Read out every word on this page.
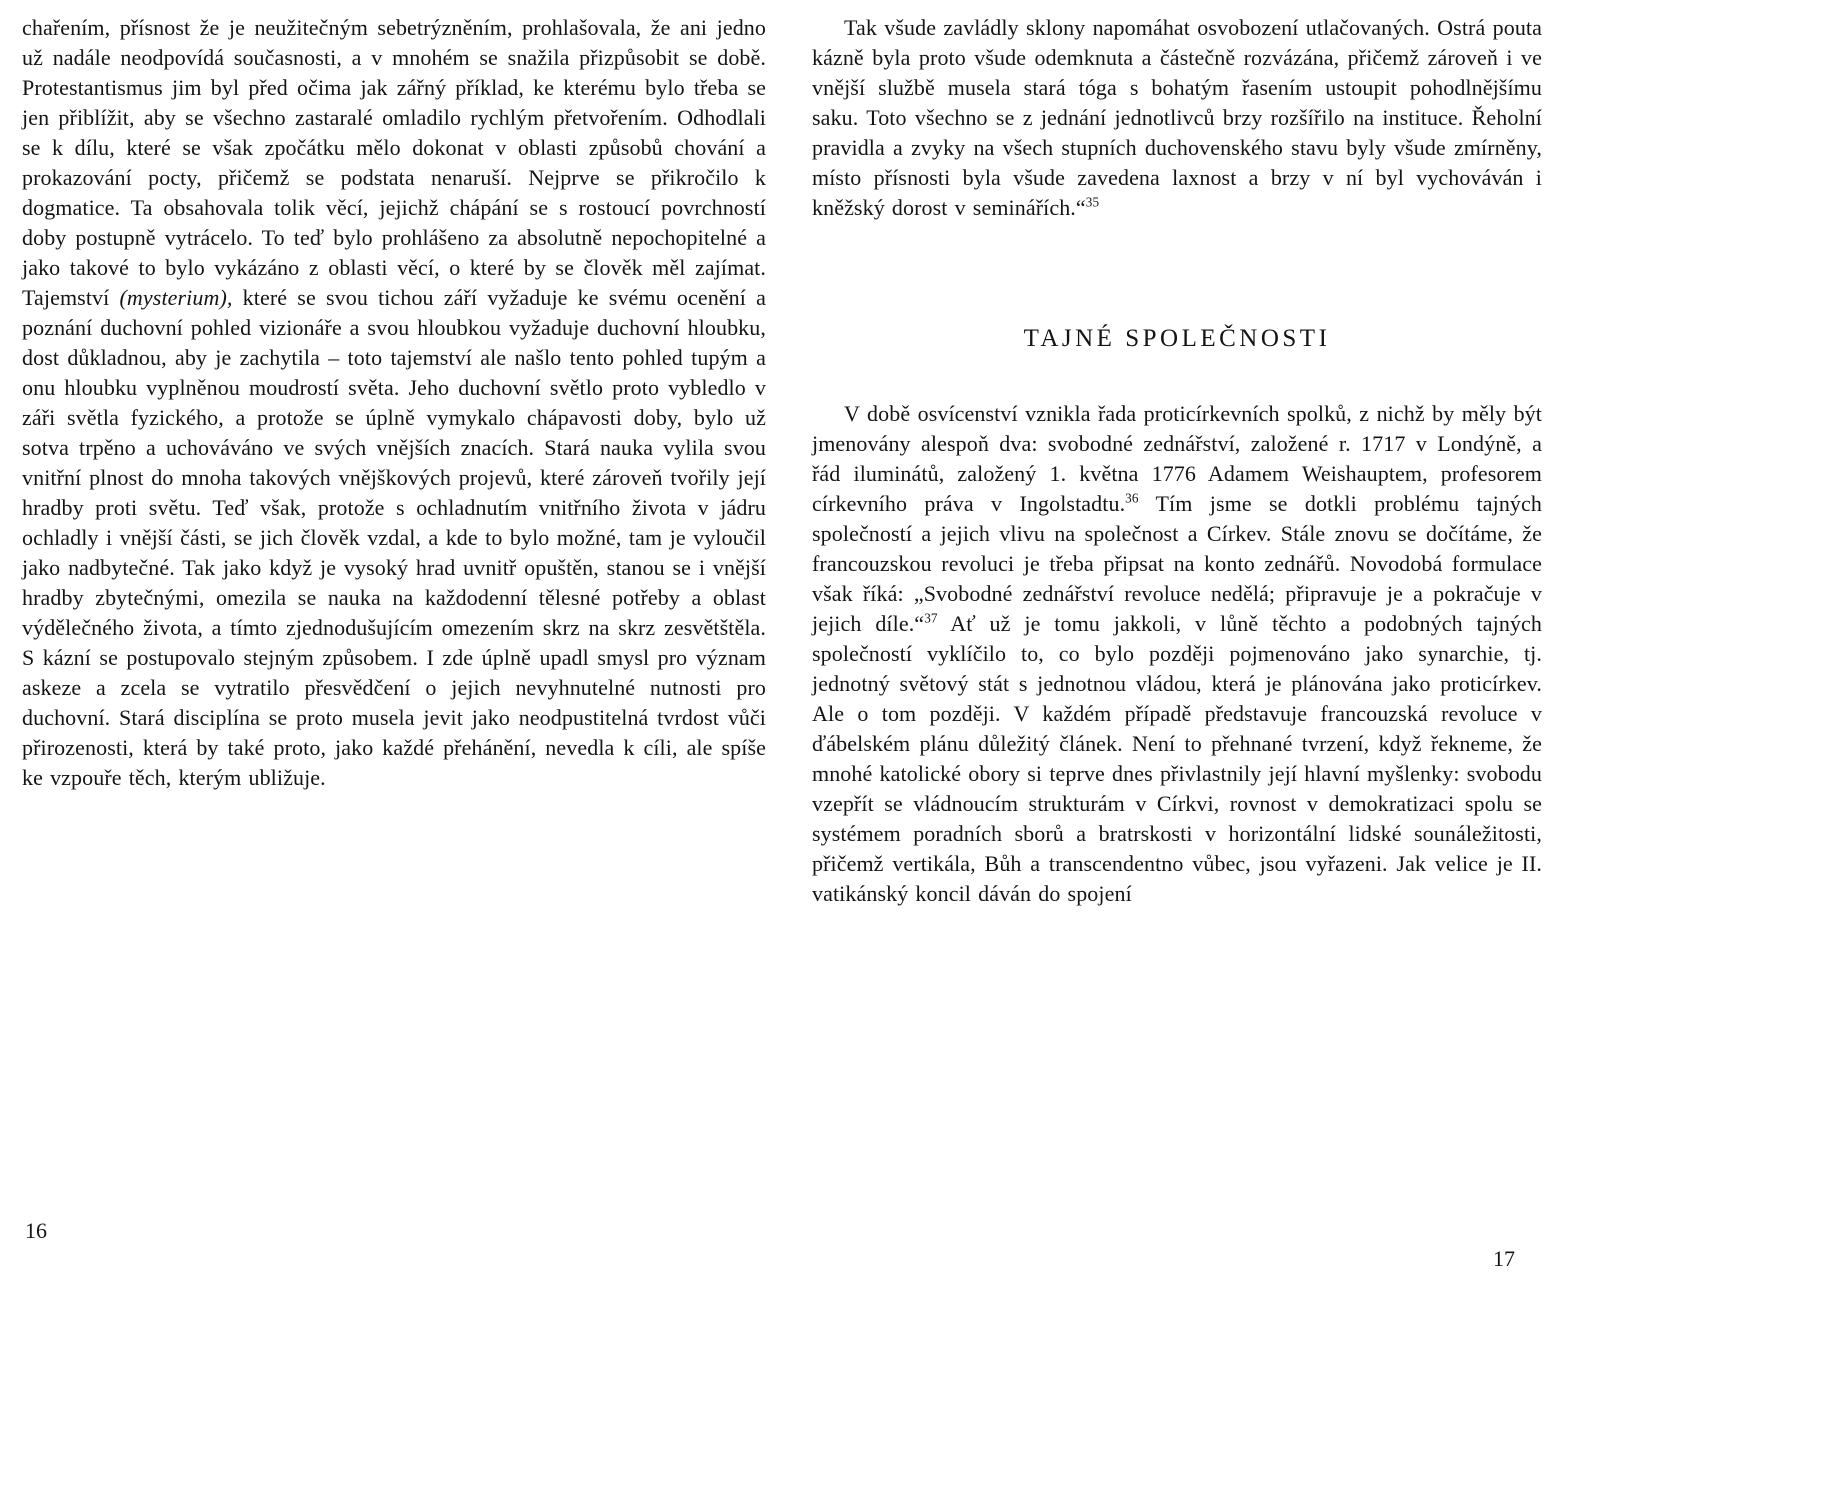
chařením, přísnost že je neužitečným sebetrýzněním, prohlašovala, že ani jedno už nadále neodpovídá současnosti, a v mnohém se snažila přizpůsobit se době. Protestantismus jim byl před očima jak zářný příklad, ke kterému bylo třeba se jen přiblížit, aby se všechno zastaralé omladilo rychlým přetvořením. Odhodlali se k dílu, které se však zpočátku mělo dokonat v oblasti způsobů chování a prokazování pocty, přičemž se podstata nenaruší. Nejprve se přikročilo k dogmatice. Ta obsahovala tolik věcí, jejichž chápání se s rostoucí povrchností doby postupně vytrácelo. To teď bylo prohlášeno za absolutně nepochopitelné a jako takové to bylo vykázáno z oblasti věcí, o které by se člověk měl zajímat. Tajemství (mysterium), které se svou tichou září vyžaduje ke svému ocenění a poznání duchovní pohled vizionáře a svou hloubkou vyžaduje duchovní hloubku, dost důkladnou, aby je zachytila – toto tajemství ale našlo tento pohled tupým a onu hloubku vyplněnou moudrostí světa. Jeho duchovní světlo proto vybledlo v záři světla fyzického, a protože se úplně vymykalo chápavosti doby, bylo už sotva trpěno a uchováváno ve svých vnějších znacích. Stará nauka vylila svou vnitřní plnost do mnoha takových vnějškových projevů, které zároveň tvořily její hradby proti světu. Teď však, protože s ochladnutím vnitřního života v jádru ochladly i vnější části, se jich člověk vzdal, a kde to bylo možné, tam je vyloučil jako nadbytečné. Tak jako když je vysoký hrad uvnitř opuštěn, stanou se i vnější hradby zbytečnými, omezila se nauka na každodenní tělesné potřeby a oblast výdělečného života, a tímto zjednodušujícím omezením skrz na skrz zesvětštěla. S kázní se postupovalo stejným způsobem. I zde úplně upadl smysl pro význam askeze a zcela se vytratilo přesvědčení o jejich nevyhnutelné nutnosti pro duchovní. Stará disciplína se proto musela jevit jako neodpustitelná tvrdost vůči přirozenosti, která by také proto, jako každé přehánění, nevedla k cíli, ale spíše ke vzpouře těch, kterým ubližuje.

16

Tak všude zavládly sklony napomáhat osvobození utlačovaných. Ostrá pouta kázně byla proto všude odemknuta a částečně rozvázána, přičemž zároveň i ve vnější službě musela stará tóga s bohatým řasením ustoupit pohodlnějšímu saku. Toto všechno se z jednání jednotlivců brzy rozšířilo na instituce. Řeholní pravidla a zvyky na všech stupních duchovenského stavu byly všude zmírněny, místo přísnosti byla všude zavedena laxnost a brzy v ní byl vychováván i kněžský dorost v seminářích.“$^{35}$

TAJNÉ SPOLEČNOSTI

V době osvícenství vznikla řada proticírkevních spolků, z nichž by měly být jmenovány alespoň dva: svobodné zednářství, založené r. 1717 v Londýně, a řád iluminátů, založený 1. května 1776 Adamem Weishauptem, profesorem církevního práva v Ingolstadtu.$^{36}$ Tím jsme se dotkli problému tajných společností a jejich vlivu na společnost a Církev. Stále znovu se dočítáme, že francouzskou revoluci je třeba připsat na konto zednářů. Novodobá formulace však říká: „Svobodné zednářství revoluce nedělá; připravuje je a pokračuje v jejich díle.“$^{37}$ Ať už je tomu jakkoli, v lůně těchto a podobných tajných společností vyklíčilo to, co bylo později pojmenováno jako synarchie, tj. jednotný světový stát s jednotnou vládou, která je plánována jako proticírkev. Ale o tom později. V každém případě představuje francouzská revoluce v ďábelském plánu důležitý článek. Není to přehnané tvrzení, když řekneme, že mnohé katolické obory si teprve dnes přivlastnily její hlavní myšlenky: svobodu vzepřít se vládnoucím strukturám v Církvi, rovnost v demokratizaci spolu se systémem poradních sborů a bratrskosti v horizontální lidské sounáležitosti, přičemž vertikála, Bůh a transcendentno vůbec, jsou vyřazeni. Jak velice je II. vatikánský koncil dáván do spojení

17
